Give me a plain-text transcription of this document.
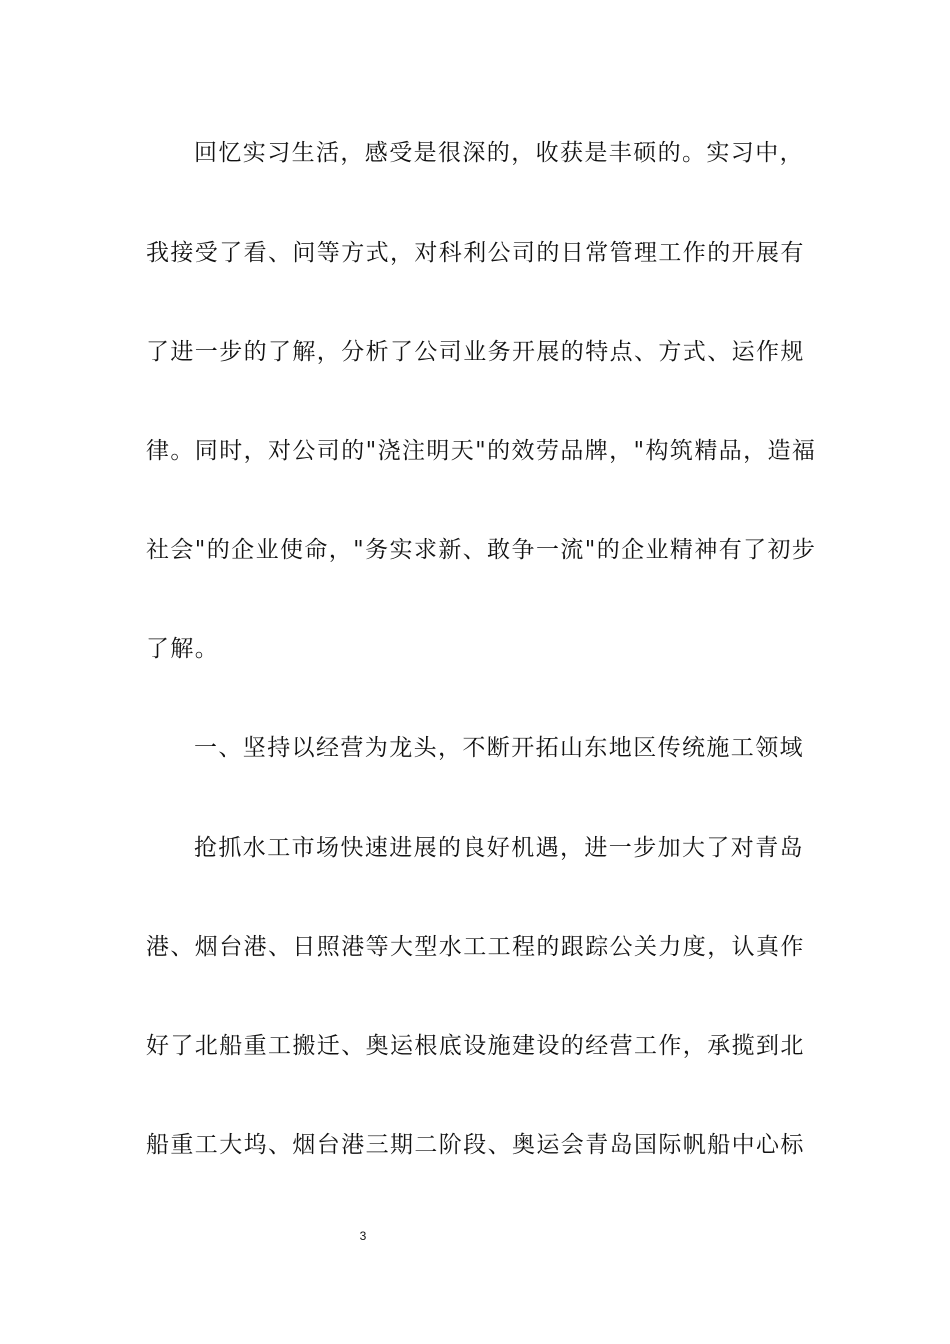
回忆实习生活，感受是很深的，收获是丰硕的。实习中，
我接受了看、问等方式，对科利公司的日常管理工作的开展有
了进一步的了解，分析了公司业务开展的特点、方式、运作规
律。同时，对公司的"浇注明天"的效劳品牌，"构筑精品，造福
社会"的企业使命，"务实求新、敢争一流"的企业精神有了初步
了解。
一、坚持以经营为龙头，不断开拓山东地区传统施工领域
抢抓水工市场快速进展的良好机遇，进一步加大了对青岛
港、烟台港、日照港等大型水工工程的跟踪公关力度，认真作
好了北船重工搬迁、奥运根底设施建设的经营工作，承揽到北
船重工大坞、烟台港三期二阶段、奥运会青岛国际帆船中心标
3
